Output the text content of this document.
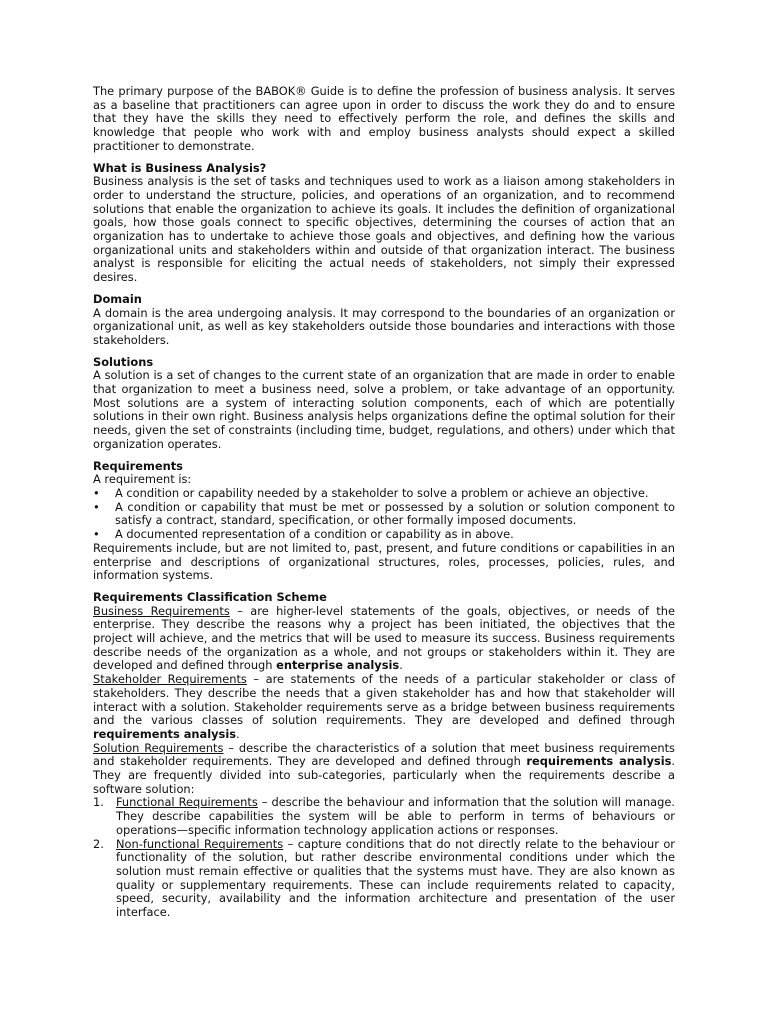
The primary purpose of the BABOK® Guide is to define the profession of business analysis. It serves as a baseline that practitioners can agree upon in order to discuss the work they do and to ensure that they have the skills they need to effectively perform the role, and defines the skills and knowledge that people who work with and employ business analysts should expect a skilled practitioner to demonstrate.

What is Business Analysis?

Business analysis is the set of tasks and techniques used to work as a liaison among stakeholders in order to understand the structure, policies, and operations of an organization, and to recommend solutions that enable the organization to achieve its goals. It includes the definition of organizational goals, how those goals connect to specific objectives, determining the courses of action that an organization has to undertake to achieve those goals and objectives, and defining how the various organizational units and stakeholders within and outside of that organization interact. The business analyst is responsible for eliciting the actual needs of stakeholders, not simply their expressed desires.

Domain

A domain is the area undergoing analysis. It may correspond to the boundaries of an organization or organizational unit, as well as key stakeholders outside those boundaries and interactions with those stakeholders.

Solutions

A solution is a set of changes to the current state of an organization that are made in order to enable that organization to meet a business need, solve a problem, or take advantage of an opportunity. Most solutions are a system of interacting solution components, each of which are potentially solutions in their own right. Business analysis helps organizations define the optimal solution for their needs, given the set of constraints (including time, budget, regulations, and others) under which that organization operates.

Requirements

A requirement is:

• A condition or capability needed by a stakeholder to solve a problem or achieve an objective.
• A condition or capability that must be met or possessed by a solution or solution component to satisfy a contract, standard, specification, or other formally imposed documents.
• A documented representation of a condition or capability as in above.

Requirements include, but are not limited to, past, present, and future conditions or capabilities in an enterprise and descriptions of organizational structures, roles, processes, policies, rules, and information systems.

Requirements Classification Scheme

Business Requirements – are higher-level statements of the goals, objectives, or needs of the enterprise. They describe the reasons why a project has been initiated, the objectives that the project will achieve, and the metrics that will be used to measure its success. Business requirements describe needs of the organization as a whole, and not groups or stakeholders within it. They are developed and defined through enterprise analysis.

Stakeholder Requirements – are statements of the needs of a particular stakeholder or class of stakeholders. They describe the needs that a given stakeholder has and how that stakeholder will interact with a solution. Stakeholder requirements serve as a bridge between business requirements and the various classes of solution requirements. They are developed and defined through requirements analysis.

Solution Requirements – describe the characteristics of a solution that meet business requirements and stakeholder requirements. They are developed and defined through requirements analysis. They are frequently divided into sub-categories, particularly when the requirements describe a software solution:

1. Functional Requirements – describe the behaviour and information that the solution will manage. They describe capabilities the system will be able to perform in terms of behaviours or operations—specific information technology application actions or responses.
2. Non-functional Requirements – capture conditions that do not directly relate to the behaviour or functionality of the solution, but rather describe environmental conditions under which the solution must remain effective or qualities that the systems must have. They are also known as quality or supplementary requirements. These can include requirements related to capacity, speed, security, availability and the information architecture and presentation of the user interface.
